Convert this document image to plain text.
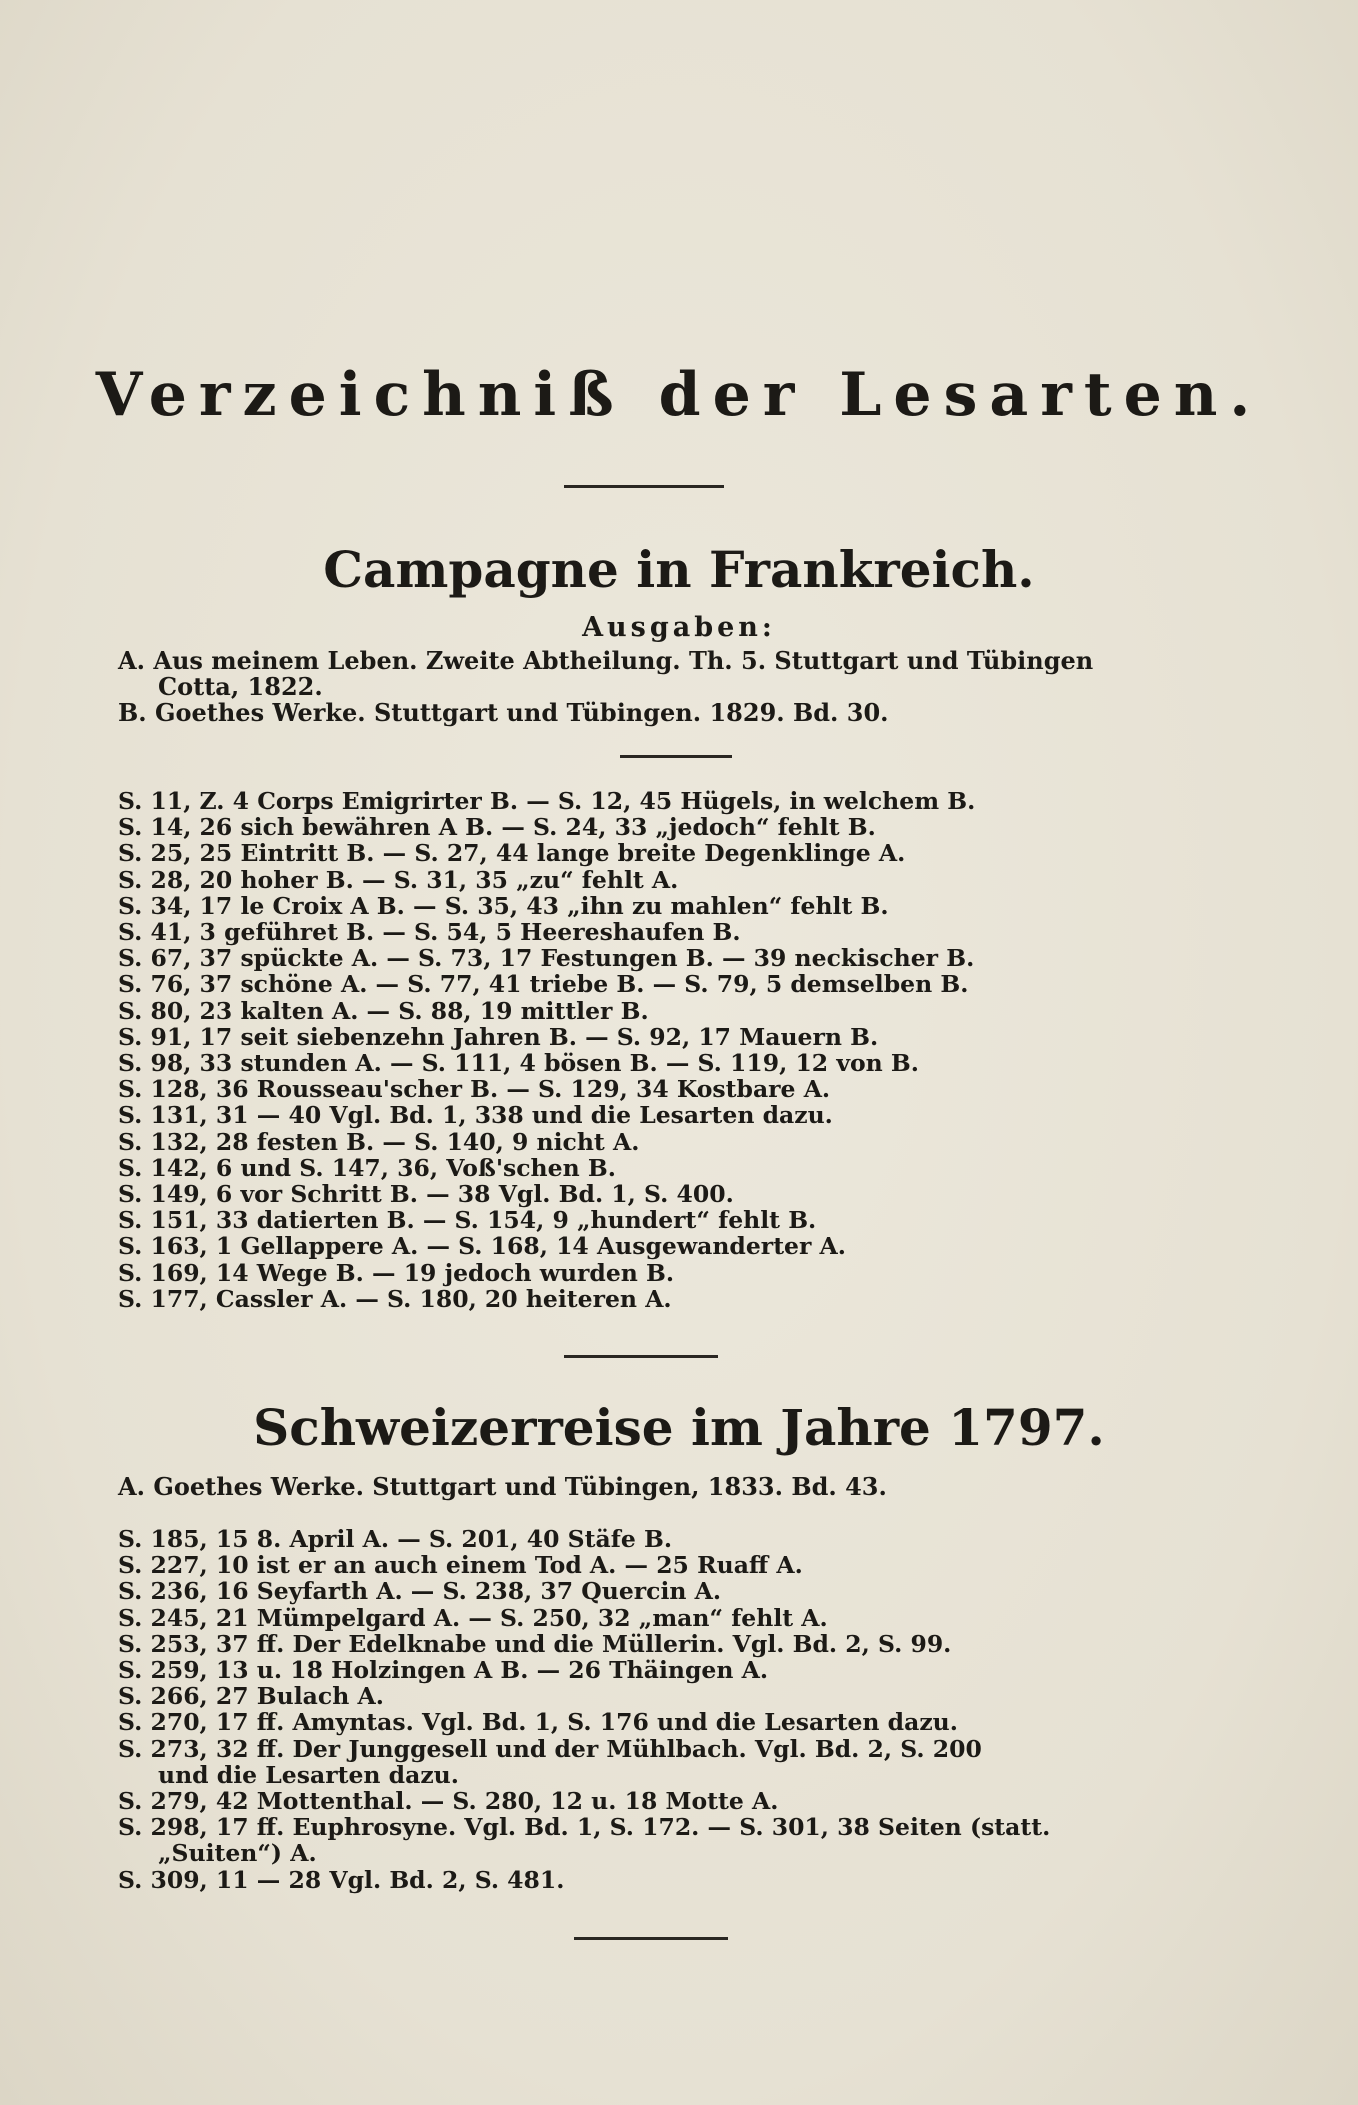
Verzeichniß der Lesarten.
Campagne in Frankreich.
Ausgaben:
A. Aus meinem Leben. Zweite Abtheilung. Th. 5. Stuttgart und Tübingen
Cotta, 1822.
B. Goethes Werke. Stuttgart und Tübingen. 1829. Bd. 30.
S. 11, Z. 4 Corps Emigrirter B. — S. 12, 45 Hügels, in welchem B.
S. 14, 26 sich bewähren A B. — S. 24, 33 „jedoch“ fehlt B.
S. 25, 25 Eintritt B. — S. 27, 44 lange breite Degenklinge A.
S. 28, 20 hoher B. — S. 31, 35 „zu“ fehlt A.
S. 34, 17 le Croix A B. — S. 35, 43 „ihn zu mahlen“ fehlt B.
S. 41, 3 geführet B. — S. 54, 5 Heereshaufen B.
S. 67, 37 spückte A. — S. 73, 17 Festungen B. — 39 neckischer B.
S. 76, 37 schöne A. — S. 77, 41 triebe B. — S. 79, 5 demselben B.
S. 80, 23 kalten A. — S. 88, 19 mittler B.
S. 91, 17 seit siebenzehn Jahren B. — S. 92, 17 Mauern B.
S. 98, 33 stunden A. — S. 111, 4 bösen B. — S. 119, 12 von B.
S. 128, 36 Rousseau'scher B. — S. 129, 34 Kostbare A.
S. 131, 31 — 40 Vgl. Bd. 1, 338 und die Lesarten dazu.
S. 132, 28 festen B. — S. 140, 9 nicht A.
S. 142, 6 und S. 147, 36, Voß'schen B.
S. 149, 6 vor Schritt B. — 38 Vgl. Bd. 1, S. 400.
S. 151, 33 datierten B. — S. 154, 9 „hundert“ fehlt B.
S. 163, 1 Gellappere A. — S. 168, 14 Ausgewanderter A.
S. 169, 14 Wege B. — 19 jedoch wurden B.
S. 177, Cassler A. — S. 180, 20 heiteren A.
Schweizerreise im Jahre 1797.
A. Goethes Werke. Stuttgart und Tübingen, 1833. Bd. 43.
S. 185, 15 8. April A. — S. 201, 40 Stäfe B.
S. 227, 10 ist er an auch einem Tod A. — 25 Ruaff A.
S. 236, 16 Seyfarth A. — S. 238, 37 Quercin A.
S. 245, 21 Mümpelgard A. — S. 250, 32 „man“ fehlt A.
S. 253, 37 ff. Der Edelknabe und die Müllerin. Vgl. Bd. 2, S. 99.
S. 259, 13 u. 18 Holzingen A B. — 26 Thäingen A.
S. 266, 27 Bulach A.
S. 270, 17 ff. Amyntas. Vgl. Bd. 1, S. 176 und die Lesarten dazu.
S. 273, 32 ff. Der Junggesell und der Mühlbach. Vgl. Bd. 2, S. 200
und die Lesarten dazu.
S. 279, 42 Mottenthal. — S. 280, 12 u. 18 Motte A.
S. 298, 17 ff. Euphrosyne. Vgl. Bd. 1, S. 172. — S. 301, 38 Seiten (statt.
„Suiten“) A.
S. 309, 11 — 28 Vgl. Bd. 2, S. 481.
